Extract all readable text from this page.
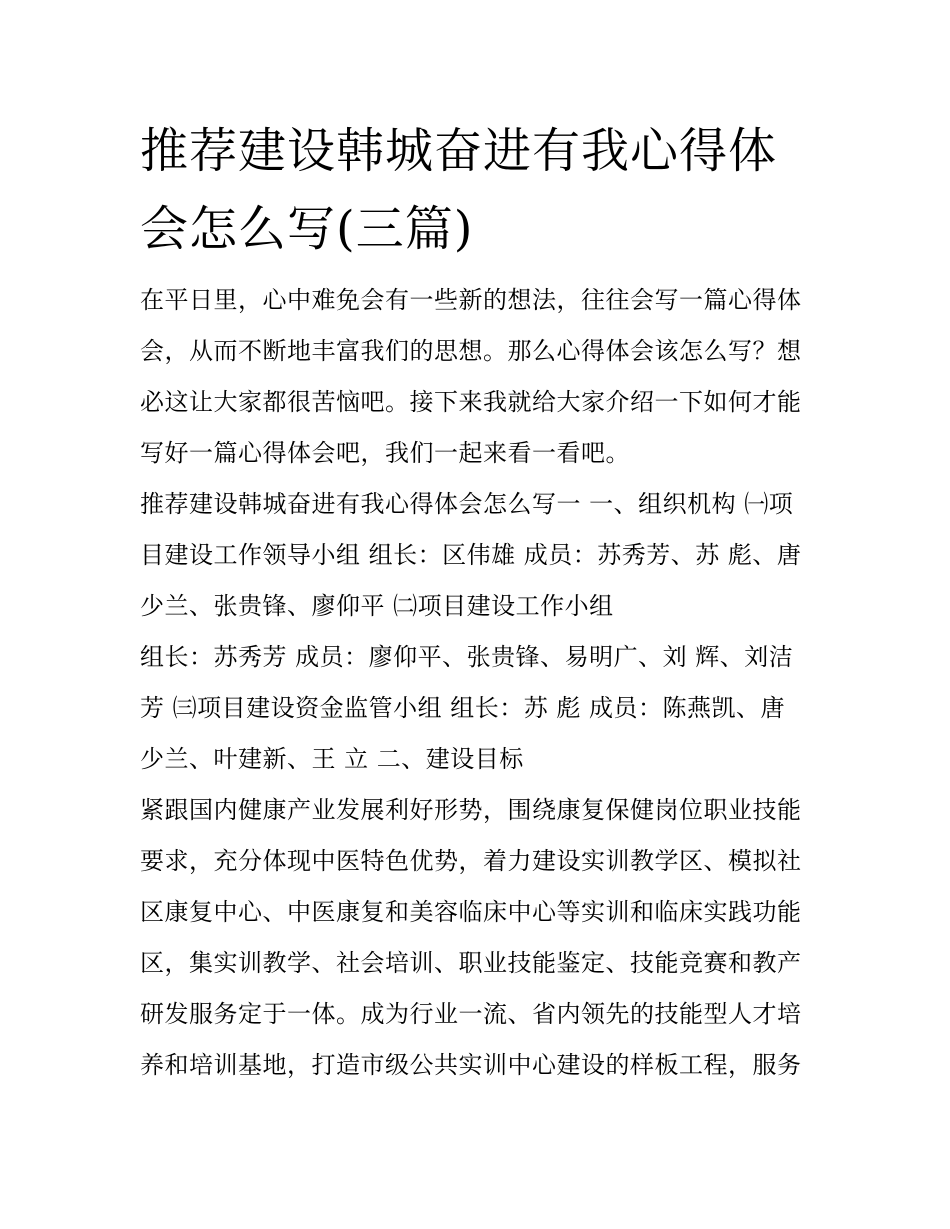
推荐建设韩城奋进有我心得体
会怎么写(三篇)
在平日里，心中难免会有一些新的想法，往往会写一篇心得体
会，从而不断地丰富我们的思想。那么心得体会该怎么写？想
必这让大家都很苦恼吧。接下来我就给大家介绍一下如何才能
写好一篇心得体会吧，我们一起来看一看吧。
推荐建设韩城奋进有我心得体会怎么写一 一、组织机构 ㈠项
目建设工作领导小组 组长：区伟雄 成员：苏秀芳、苏 彪、唐
少兰、张贵锋、廖仰平 ㈡项目建设工作小组
组长：苏秀芳 成员：廖仰平、张贵锋、易明广、刘 辉、刘洁
芳 ㈢项目建设资金监管小组 组长：苏 彪 成员：陈燕凯、唐
少兰、叶建新、王 立 二、建设目标
紧跟国内健康产业发展利好形势，围绕康复保健岗位职业技能
要求，充分体现中医特色优势，着力建设实训教学区、模拟社
区康复中心、中医康复和美容临床中心等实训和临床实践功能
区，集实训教学、社会培训、职业技能鉴定、技能竞赛和教产
研发服务定于一体。成为行业一流、省内领先的技能型人才培
养和培训基地，打造市级公共实训中心建设的样板工程，服务
